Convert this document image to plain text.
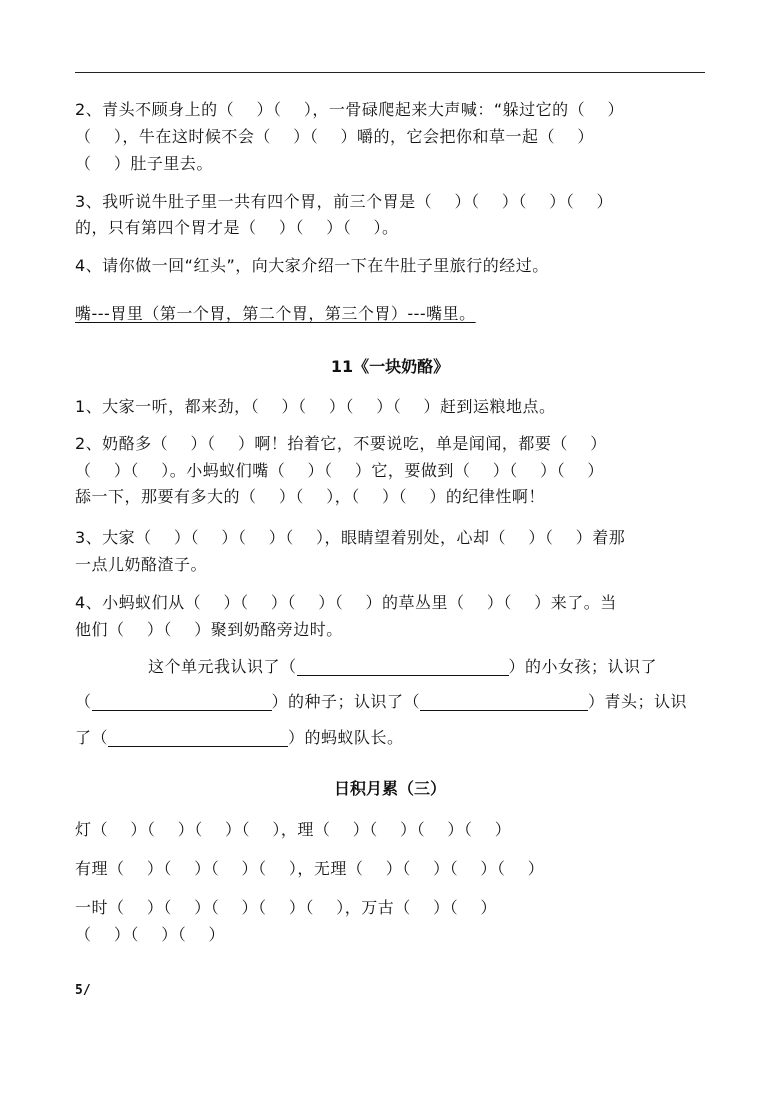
2、青头不顾身上的（    ）（    ），一骨碌爬起来大声喊：“躲过它的（    ）
（    ），牛在这时候不会（    ）（    ）嚼的，它会把你和草一起（    ）
（    ）肚子里去。
3、我听说牛肚子里一共有四个胃，前三个胃是（    ）（    ）（    ）（    ）
的，只有第四个胃才是（    ）（    ）（    ）。
4、请你做一回“红头”，向大家介绍一下在牛肚子里旅行的经过。
嘴---胃里（第一个胃，第二个胃，第三个胃）---嘴里。
11《一块奶酪》
1、大家一听，都来劲，（    ）（    ）（    ）（    ）赶到运粮地点。
2、奶酪多（    ）（    ）啊！抬着它，不要说吃，单是闻闻，都要（    ）
（    ）（    ）。小蚂蚁们嘴（    ）（    ）它，要做到（    ）（    ）（    ）
舔一下，那要有多大的（    ）（    ），（    ）（    ）的纪律性啊！
3、大家（    ）（    ）（    ）（    ），眼睛望着别处，心却（    ）（    ）着那
一点儿奶酪渣子。
4、小蚂蚁们从（    ）（    ）（    ）（    ）的草丛里（    ）（    ）来了。当
他们（    ）（    ）聚到奶酪旁边时。
这个单元我认识了（	）的小女孩；认识了
（	）的种子；认识了（	）青头；认识
了（	）的蚂蚁队长。
日积月累（三）
灯（    ）（    ）（    ）（    ），理（    ）（    ）（    ）（    ）
有理（    ）（    ）（    ）（    ），无理（    ）（    ）（    ）（    ）
一时（    ）（    ）（    ）（    ）（    ），万古（    ）（    ）
（    ）（    ）（    ）
5/
